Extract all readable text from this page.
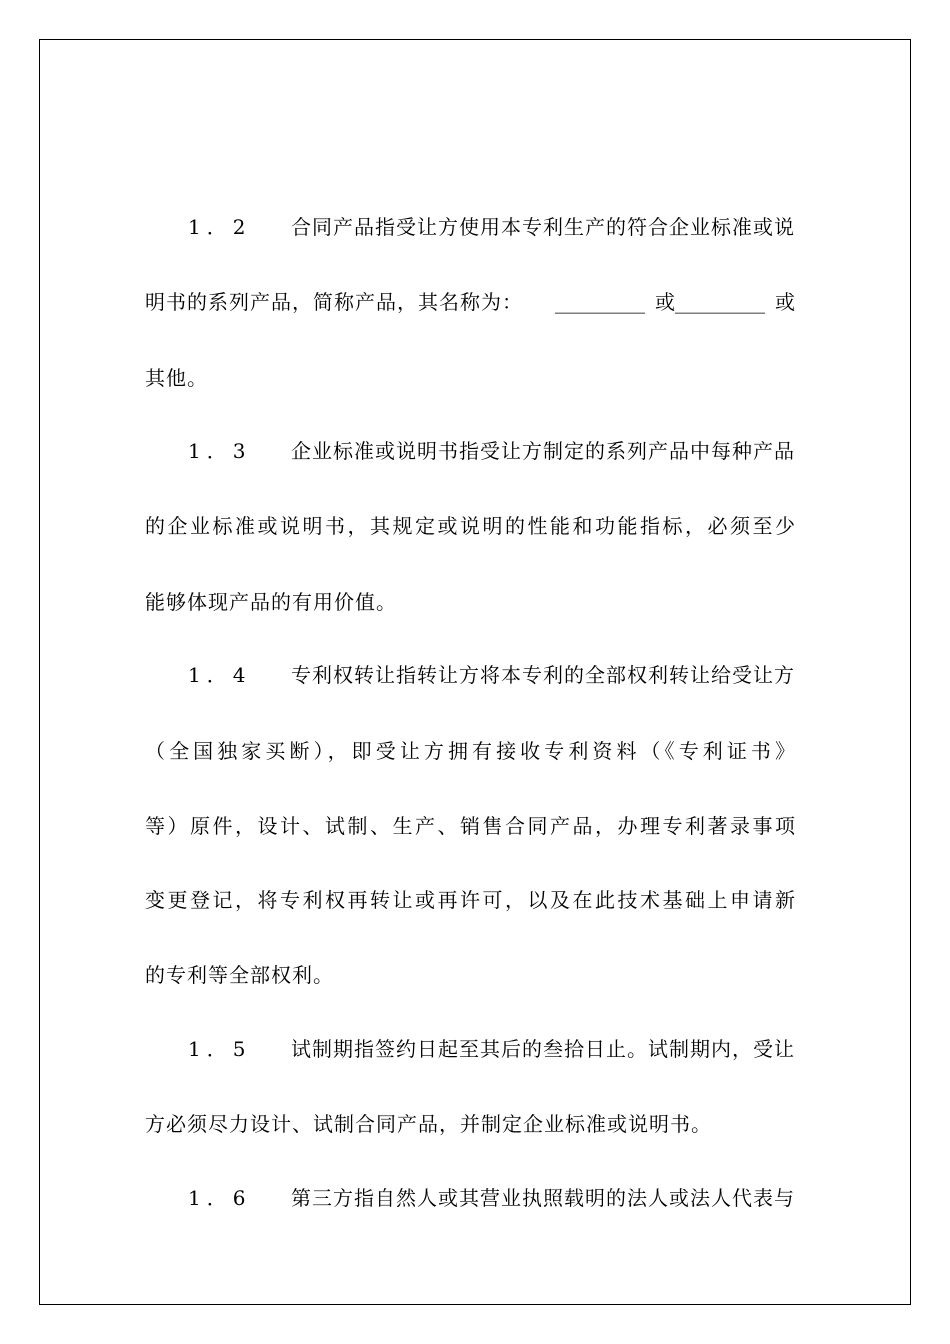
1．2 合同产品指受让方使用本专利生产的符合企业标准或说
明书的系列产品，简称产品，其名称为： _________ 或 _________ 或
其他。
1．3 企业标准或说明书指受让方制定的系列产品中每种产品
的企业标准或说明书，其规定或说明的性能和功能指标，必须至少
能够体现产品的有用价值。
1．4 专利权转让指转让方将本专利的全部权利转让给受让方
（全国独家买断），即受让方拥有接收专利资料（《专利证书》
等）原件，设计、试制、生产、销售合同产品，办理专利著录事项
变更登记，将专利权再转让或再许可，以及在此技术基础上申请新
的专利等全部权利。
1．5 试制期指签约日起至其后的叁拾日止。试制期内，受让
方必须尽力设计、试制合同产品，并制定企业标准或说明书。
1．6 第三方指自然人或其营业执照载明的法人或法人代表与
